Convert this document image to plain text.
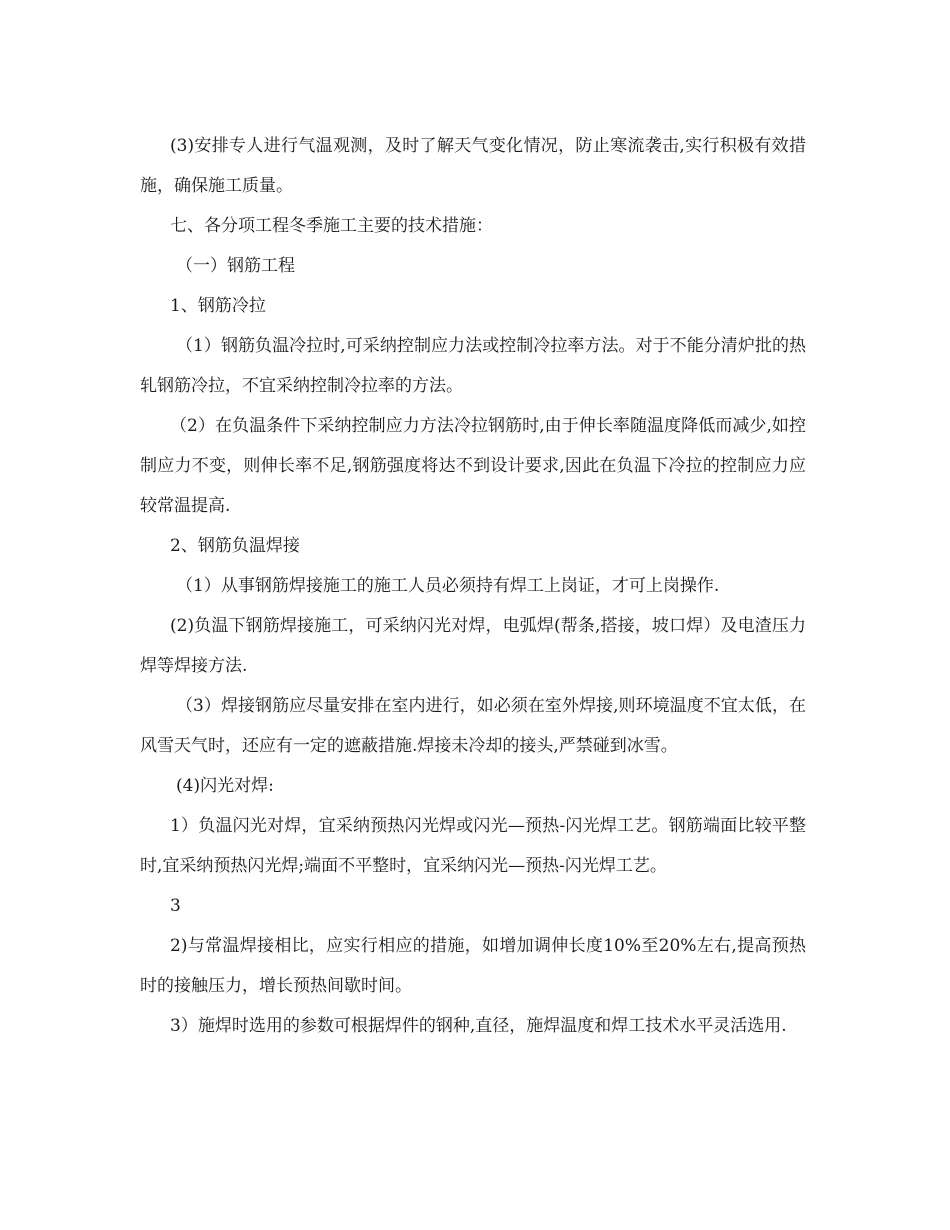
(3)安排专人进行气温观测，及时了解天气变化情况，防止寒流袭击,实行积极有效措施，确保施工质量。

七、各分项工程冬季施工主要的技术措施：

（一）钢筋工程

1、钢筋冷拉

（1）钢筋负温冷拉时,可采纳控制应力法或控制冷拉率方法。对于不能分清炉批的热轧钢筋冷拉，不宜采纳控制冷拉率的方法。

（2）在负温条件下采纳控制应力方法冷拉钢筋时,由于伸长率随温度降低而减少,如控制应力不变，则伸长率不足,钢筋强度将达不到设计要求,因此在负温下冷拉的控制应力应较常温提高.

2、钢筋负温焊接

（1）从事钢筋焊接施工的施工人员必须持有焊工上岗证，才可上岗操作.

(2)负温下钢筋焊接施工，可采纳闪光对焊，电弧焊(帮条,搭接，坡口焊）及电渣压力焊等焊接方法.

（3）焊接钢筋应尽量安排在室内进行，如必须在室外焊接,则环境温度不宜太低，在风雪天气时，还应有一定的遮蔽措施.焊接未冷却的接头,严禁碰到冰雪。

(4)闪光对焊:

1）负温闪光对焊，宜采纳预热闪光焊或闪光—预热-闪光焊工艺。钢筋端面比较平整时,宜采纳预热闪光焊;端面不平整时，宜采纳闪光—预热-闪光焊工艺。

3

2)与常温焊接相比，应实行相应的措施，如增加调伸长度10%至20%左右,提高预热时的接触压力，增长预热间歇时间。

3）施焊时选用的参数可根据焊件的钢种,直径，施焊温度和焊工技术水平灵活选用.
